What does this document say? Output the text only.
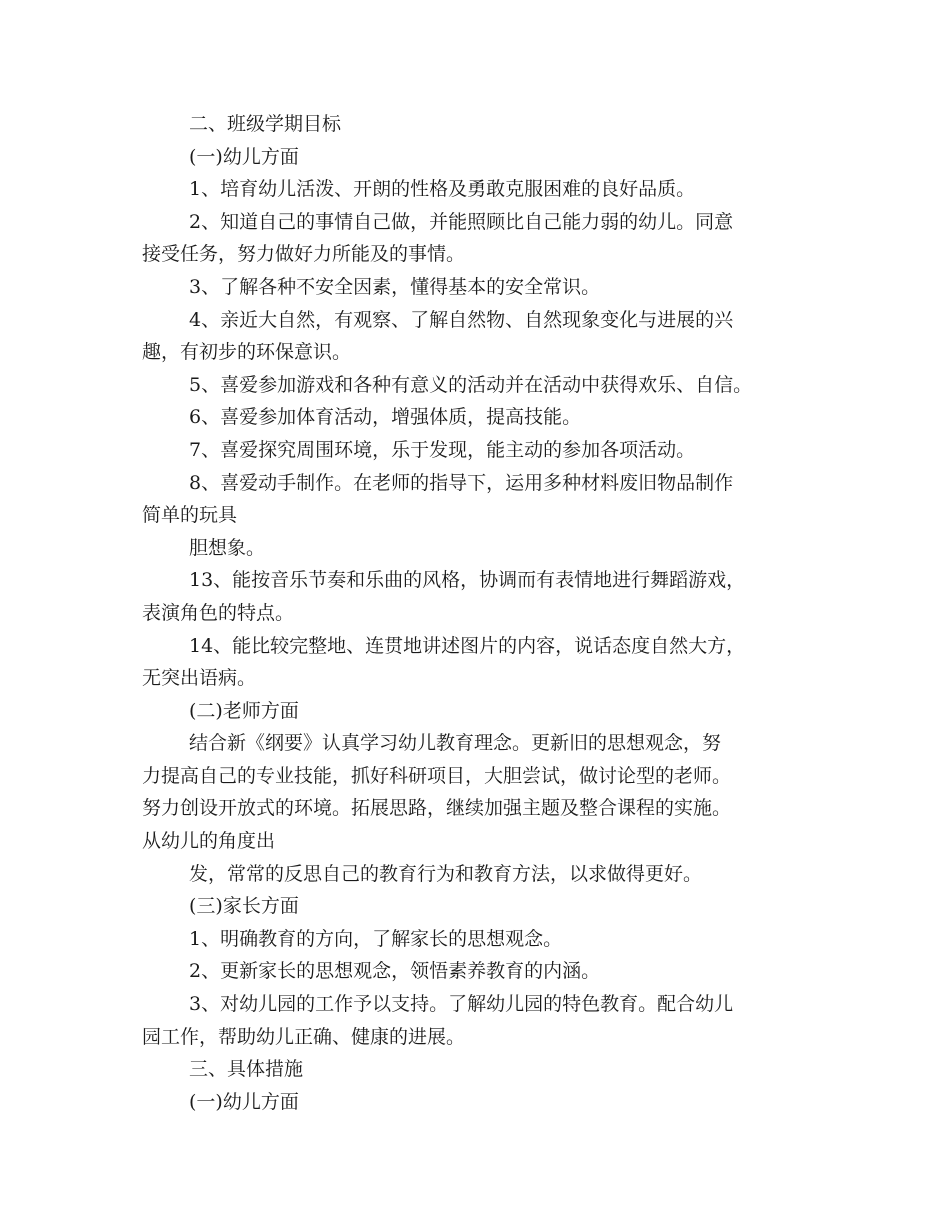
二、班级学期目标
(一)幼儿方面
1、培育幼儿活泼、开朗的性格及勇敢克服困难的良好品质。
2、知道自己的事情自己做，并能照顾比自己能力弱的幼儿。同意
接受任务，努力做好力所能及的事情。
3、了解各种不安全因素，懂得基本的安全常识。
4、亲近大自然，有观察、了解自然物、自然现象变化与进展的兴
趣，有初步的环保意识。
5、喜爱参加游戏和各种有意义的活动并在活动中获得欢乐、自信。
6、喜爱参加体育活动，增强体质，提高技能。
7、喜爱探究周围环境，乐于发现，能主动的参加各项活动。
8、喜爱动手制作。在老师的指导下，运用多种材料废旧物品制作
简单的玩具
胆想象。
13、能按音乐节奏和乐曲的风格，协调而有表情地进行舞蹈游戏，
表演角色的特点。
14、能比较完整地、连贯地讲述图片的内容，说话态度自然大方，
无突出语病。
(二)老师方面
结合新《纲要》认真学习幼儿教育理念。更新旧的思想观念，努
力提高自己的专业技能，抓好科研项目，大胆尝试，做讨论型的老师。
努力创设开放式的环境。拓展思路，继续加强主题及整合课程的实施。
从幼儿的角度出
发，常常的反思自己的教育行为和教育方法，以求做得更好。
(三)家长方面
1、明确教育的方向，了解家长的思想观念。
2、更新家长的思想观念，领悟素养教育的内涵。
3、对幼儿园的工作予以支持。了解幼儿园的特色教育。配合幼儿
园工作，帮助幼儿正确、健康的进展。
三、具体措施
(一)幼儿方面
